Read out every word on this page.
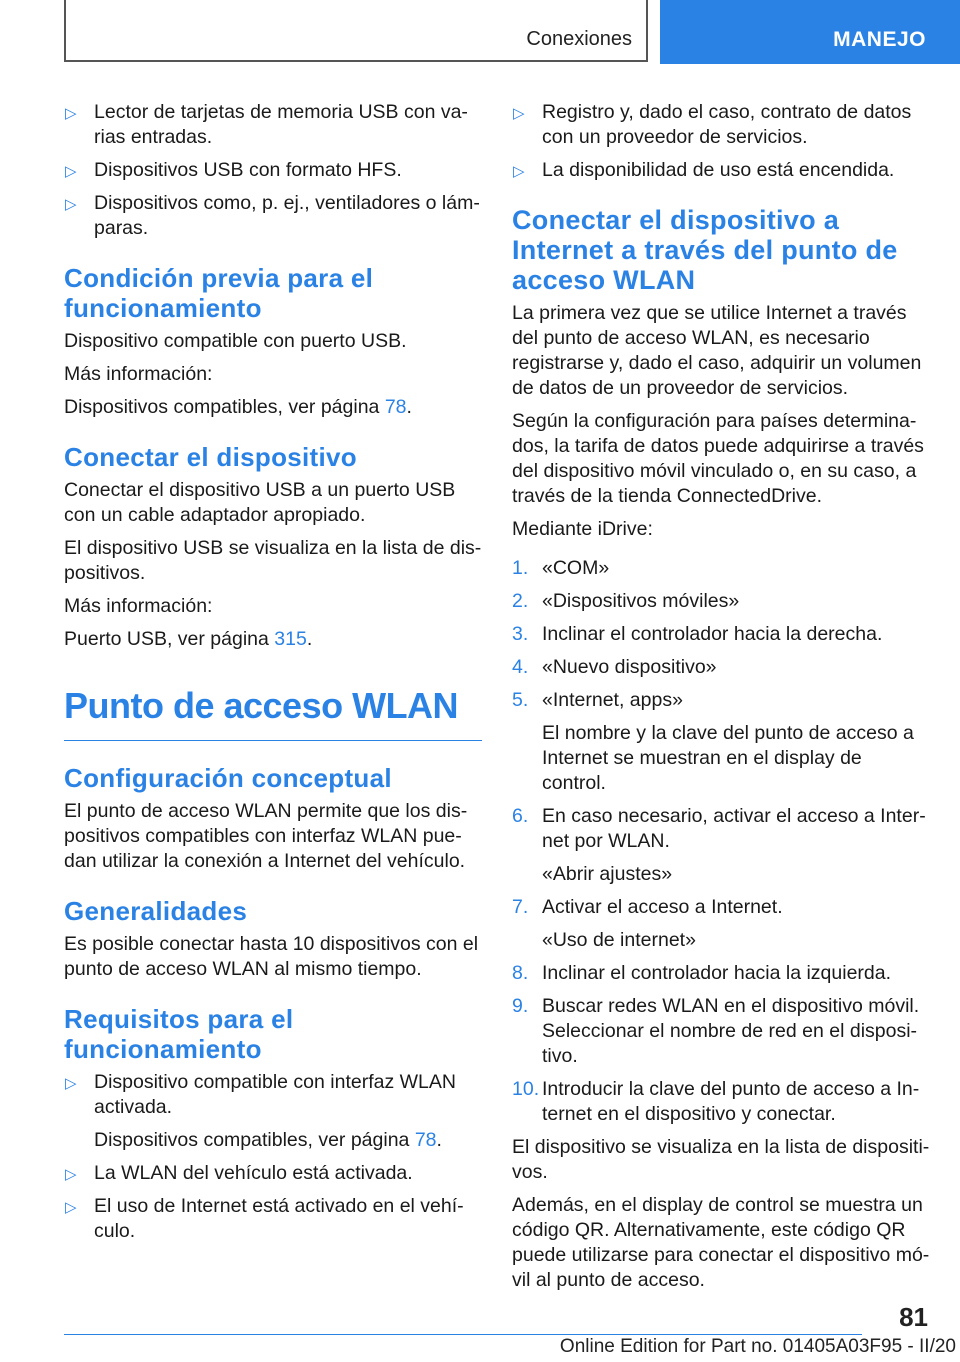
Conexiones	MANEJO
▷ Lector de tarjetas de memoria USB con va‐rias entradas.
▷ Dispositivos USB con formato HFS.
▷ Dispositivos como, p. ej., ventiladores o lám‐paras.
Condición previa para el funcionamiento
Dispositivo compatible con puerto USB.
Más información:
Dispositivos compatibles, ver página 78.
Conectar el dispositivo
Conectar el dispositivo USB a un puerto USB con un cable adaptador apropiado.
El dispositivo USB se visualiza en la lista de dis‐positivos.
Más información:
Puerto USB, ver página 315.
Punto de acceso WLAN
Configuración conceptual
El punto de acceso WLAN permite que los dis‐positivos compatibles con interfaz WLAN pue‐dan utilizar la conexión a Internet del vehículo.
Generalidades
Es posible conectar hasta 10 dispositivos con el punto de acceso WLAN al mismo tiempo.
Requisitos para el funcionamiento
▷ Dispositivo compatible con interfaz WLAN activada.
Dispositivos compatibles, ver página 78.
▷ La WLAN del vehículo está activada.
▷ El uso de Internet está activado en el vehí‐culo.
▷ Registro y, dado el caso, contrato de datos con un proveedor de servicios.
▷ La disponibilidad de uso está encendida.
Conectar el dispositivo a Internet a través del punto de acceso WLAN
La primera vez que se utilice Internet a través del punto de acceso WLAN, es necesario registrarse y, dado el caso, adquirir un volumen de datos de un proveedor de servicios.
Según la configuración para países determina‐dos, la tarifa de datos puede adquirirse a través del dispositivo móvil vinculado o, en su caso, a través de la tienda ConnectedDrive.
Mediante iDrive:
1. «COM»
2. «Dispositivos móviles»
3. Inclinar el controlador hacia la derecha.
4. «Nuevo dispositivo»
5. «Internet, apps»
El nombre y la clave del punto de acceso a Internet se muestran en el display de control.
6. En caso necesario, activar el acceso a Inter‐net por WLAN.
«Abrir ajustes»
7. Activar el acceso a Internet.
«Uso de internet»
8. Inclinar el controlador hacia la izquierda.
9. Buscar redes WLAN en el dispositivo móvil. Seleccionar el nombre de red en el disposi‐tivo.
10. Introducir la clave del punto de acceso a In‐ternet en el dispositivo y conectar.
El dispositivo se visualiza en la lista de dispositi‐vos.
Además, en el display de control se muestra un código QR. Alternativamente, este código QR puede utilizarse para conectar el dispositivo mó‐vil al punto de acceso.
81
Online Edition for Part no. 01405A03F95 - II/20
